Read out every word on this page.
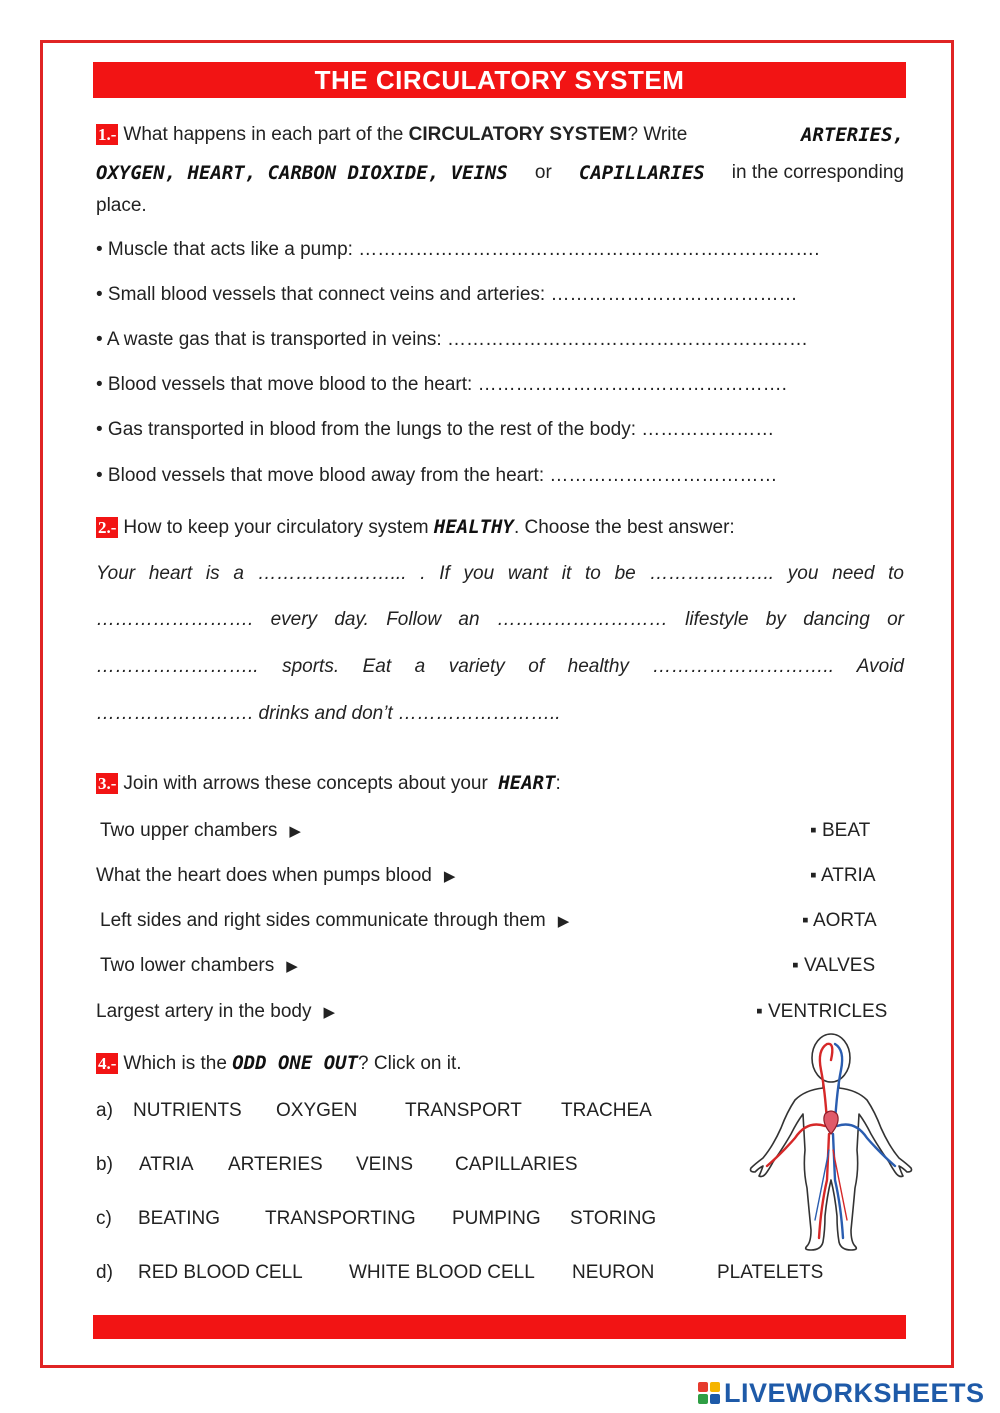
THE CIRCULATORY SYSTEM
1.- What happens in each part of the CIRCULATORY SYSTEM? Write	ARTERIES,
OXYGEN, HEART, CARBON DIOXIDE, VEINS or CAPILLARIES in the corresponding
place.
• Muscle that acts like a pump: ……………………………………………………………….
• Small blood vessels that connect veins and arteries: …………………………………
• A waste gas that is transported in veins: …………………………………………………
• Blood vessels that move blood to the heart: ………………………………………….
• Gas transported in blood from the lungs to the rest of the body: …………………
• Blood vessels that move blood away from the heart: ………………………………
2.- How to keep your circulatory system HEALTHY. Choose the best answer:
Your heart is a …………………... . If you want it to be ……………….. you need to
……………………. every day. Follow an ……………………… lifestyle by dancing or
…………………….. sports. Eat a variety of healthy ……………………….. Avoid
……………………. drinks and don’t ……………………..
3.- Join with arrows these concepts about your HEART:
Two upper chambers ▶
What the heart does when pumps blood ▶
Left sides and right sides communicate through them ▶
Two lower chambers ▶
Largest artery in the body ▶
▪ BEAT
▪ ATRIA
▪ AORTA
▪ VALVES
▪ VENTRICLES
4.- Which is the ODD ONE OUT? Click on it.
a) NUTRIENTS OXYGEN	TRANSPORT TRACHEA
b) ATRIA ARTERIES VEINS CAPILLARIES
c) BEATING TRANSPORTING PUMPING STORING
d) RED BLOOD CELL WHITE BLOOD CELL NEURON	PLATELETS
LIVEWORKSHEETS
